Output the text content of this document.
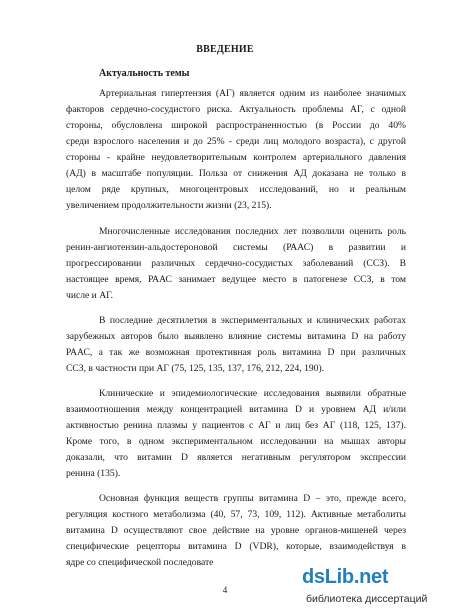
ВВЕДЕНИЕ
Актуальность темы
Артериальная гипертензия (АГ) является одним из наиболее значимых
факторов сердечно-сосудистого риска. Актуальность проблемы АГ, с одной
стороны, обусловлена широкой распространенностью (в России до 40%
среди взрослого населения и до 25% - среди лиц молодого возраста), с другой
стороны - крайне неудовлетворительным контролем артериального давления
(АД) в масштабе популяции. Польза от снижения АД доказана не только в
целом ряде крупных, многоцентровых исследований, но и реальным
увеличением продолжительности жизни (23, 215).
Многочисленные исследования последних лет позволили оценить роль
ренин-ангиотензин-альдостероновой системы (РААС) в развитии и
прогрессировании различных сердечно-сосудистых заболеваний (ССЗ). В
настоящее время, РААС занимает ведущее место в патогенезе ССЗ, в том
числе и АГ.
В последние десятилетия в экспериментальных и клинических работах
зарубежных авторов было выявлено влияние системы витамина D на работу
РААС, а так же возможная протективная роль витамина D при различных
ССЗ, в частности при АГ (75, 125, 135, 137, 176, 212, 224, 190).
Клинические и эпидемиологические исследования выявили обратные
взаимоотношения между концентрацией витамина D и уровнем АД и/или
активностью ренина плазмы у пациентов с АГ и лиц без АГ (118, 125, 137).
Кроме того, в одном экспериментальном исследовании на мышах авторы
доказали, что витамин D является негативным регулятором экспрессии
ренина (135).
Основная функция веществ группы витамина D – это, прежде всего,
регуляция костного метаболизма (40, 57, 73, 109, 112). Активные метаболиты
витамина D осуществляют свое действие на уровне органов-мишеней через
специфические рецепторы витамина D (VDR), которые, взаимодействуя в
ядре со специфической последовате
4
dsLib.net
библиотека диссертаций
